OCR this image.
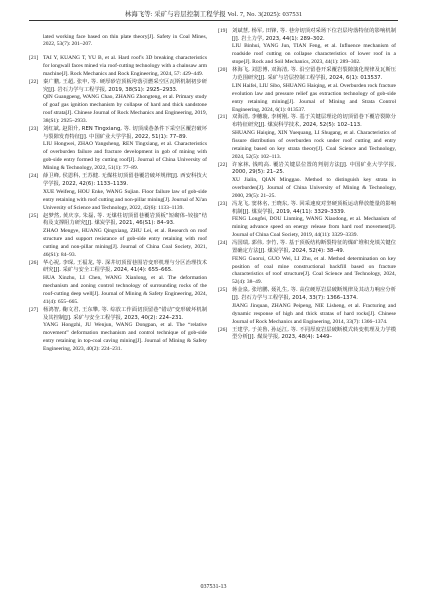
林海飞等: 采矿与岩层控制工程学报 Vol. 7, No. 3(2025): 037531

lated working face based on thin plate theory[J]. Safety in Coal Mines, 2022, 53(7): 201–207.

[21] TAI Y, KUANG T, YU B, et al. Hard roof's 3D breaking characteristics for longwall faces mined via roof-cutting technology with a chainsaw arm machine[J]. Rock Mechanics and Rock Engineering, 2024, 57: 429–449.
[22] 秦广鹏, 王超, 张申, 等. 硬厚砂岩顶板垮落引燃采空区瓦斯机制初步研究[J]. 岩石力学与工程学报, 2019, 38(S1): 2925–2933.
QIN Guangpeng, WANG Chao, ZHANG Zhongteng, et al. Primary study of goaf gas ignition mechanism by collapse of hard and thick sandstone roof strata[J]. Chinese Journal of Rock Mechanics and Engineering, 2019, 38(S1): 2925–2933.
[23] 刘红斌, 赵阳升, REN Tingxiang, 等. 切顶成巷条件下采空区覆岩破坏与裂隙发育特征[J]. 中国矿业大学学报, 2022, 51(1): 77–89.
LIU Hongwei, ZHAO Yangsheng, REN Tingxiang, et al. Characteristics of overburden failure and fracture development in gob of mining with gob-side entry formed by cutting roof[J]. Journal of China University of Mining & Technology, 2022, 51(1): 77–89.
[24] 薛卫峰, 侯恩科, 王苏健. 无煤柱切顶留巷覆岩破坏规律[J]. 西安科技大学学报, 2022, 42(6): 1133–1139.
XUE Weifeng, HOU Enke, WANG Sujian. Floor failure law of gob-side entry retaining with roof cutting and non-pillar mining[J]. Journal of Xi'an University of Science and Technology, 2022, 42(6): 1133–1139.
[25] 赵梦然, 黄庆享, 朱磊, 等. 无煤柱切顶留巷覆岩顶板“短砌体–铰接”结构及支撑阻力研究[J]. 煤炭学报, 2021, 46(S1): 84–93.
ZHAO Mengye, HUANG Qingxiang, ZHU Lei, et al. Research on roof structure and support resistance of gob-side entry retaining with roof cutting and non-pillar mining[J]. Journal of China Coal Society, 2021, 46(S1): 84–93.
[26] 华心祝, 李琛, 王福龙, 等. 深井切顶留巷围岩变形机理与分区治理技术研究[J]. 采矿与安全工程学报, 2024, 41(4): 655–665.
HUA Xinzhu, LI Chen, WANG Xianlong, et al. The deformation mechanism and zoning control technology of surrounding rocks of the roof-cutting deep well[J]. Journal of Mining & Safety Engineering, 2024, 41(4): 655–665.
[27] 杨鸿智, 鞠文君, 王东攀, 等. 综放工作面切顶留巷“错动”变形破坏机制及其控制[J]. 采矿与安全工程学报, 2023, 40(2): 224–231.
YANG Hongzhi, JU Wenjun, WANG Dongpan, et al. The “relative movement” deformation mechanism and control technique of gob-side entry retaining in top-coal caving mining[J]. Journal of Mining & Safety Engineering, 2023, 40(2): 224–231.
[19] 刘斌慧, 杨军, 田锋, 等. 巷旁切顶对采场下位岩层垮落特征的影响机制[J]. 岩土力学, 2023, 44(1): 289–302.
LIU Binhui, YANG Jun, TIAN Feng, et al. Influence mechanism of roadside roof cutting on collapse characteristics of lower roof in a stope[J]. Rock and Soil Mechanics, 2023, 44(1): 289–302.
[20] 林海飞, 刘思博, 双海清, 等. 沿空留巷开采覆岩裂隙演化规律及瓦斯压力范围研究[J]. 采矿与岩层控制工程学报, 2024, 6(1): 013537.
LIN Haifei, LIU Sibo, SHUANG Haiqing, et al. Overburden rock fracture evolution law and pressure relief gas extraction technology of gob-side entry retaining mining[J]. Journal of Mining and Strata Control Engineering, 2024, 6(1): 013537.
[21] 双海清, 李穗璇, 李树刚, 等. 基于关键层理论的切顶留巷下覆岩裂隙分布特征研究[J]. 煤炭科学技术, 2024, 52(5): 102–113.
SHUANG Haiqing, XIN Yuequang, LI Shugang, et al. Characteristics of fissure distribution of overburden rock under roof cutting and entry retaining based on key strata theory[J]. Coal Science and Technology, 2024, 52(5): 102–113.
[22] 许家林, 钱鸣高. 覆岩关键层位置的判别方法[J]. 中国矿业大学学报, 2000, 29(5): 21–25.
XU Jialin, QIAN Minggao. Method to distinguish key strata in overburden[J]. Journal of China University of Mining & Technology, 2000, 29(5): 21–25.
[23] 冯龙飞, 窦林名, 王晓东, 等. 回采速度对坚硬顶板运动释放能量的影响机制[J]. 煤炭学报, 2019, 44(11): 3329–3339.
FENG Longfei, DOU Linming, WANG Xiaodong, et al. Mechanism of mining advance speed on energy release from hard roof movement[J]. Journal of China Coal Society, 2019, 44(11): 3329–3339.
[24] 冯国瑞, 郭伟, 李竹, 等. 基于顶板结构断裂特征的煤矿堆积充填关键位置确定方法[J]. 煤炭学报, 2024, 52(4): 38–49.
FENG Guorui, GUO Wei, LI Zhu, et al. Method determination on key position of coal mine constructional backfill based on fracture characteristics of roof structure[J]. Coal Science and Technology, 2024, 52(4): 38–49.
[25] 蒋金泉, 张培鹏, 聂礼生, 等. 高位硬厚岩层破断规律及其动力响应分析[J]. 岩石力学与工程学报, 2014, 33(7): 1366–1374.
JIANG Jinquan, ZHANG Peipeng, NIE Lisheng, et al. Fracturing and dynamic response of high and thick stratas of hard rocks[J]. Chinese Journal of Rock Mechanics and Engineering, 2014, 33(7): 1366–1374.
[26] 王建学, 于美鲁, 孙运江, 等. 不同厚度岩层破断模式转变机理及力学模型分析[J]. 煤炭学报, 2023, 48(4): 1449–
037531-13
